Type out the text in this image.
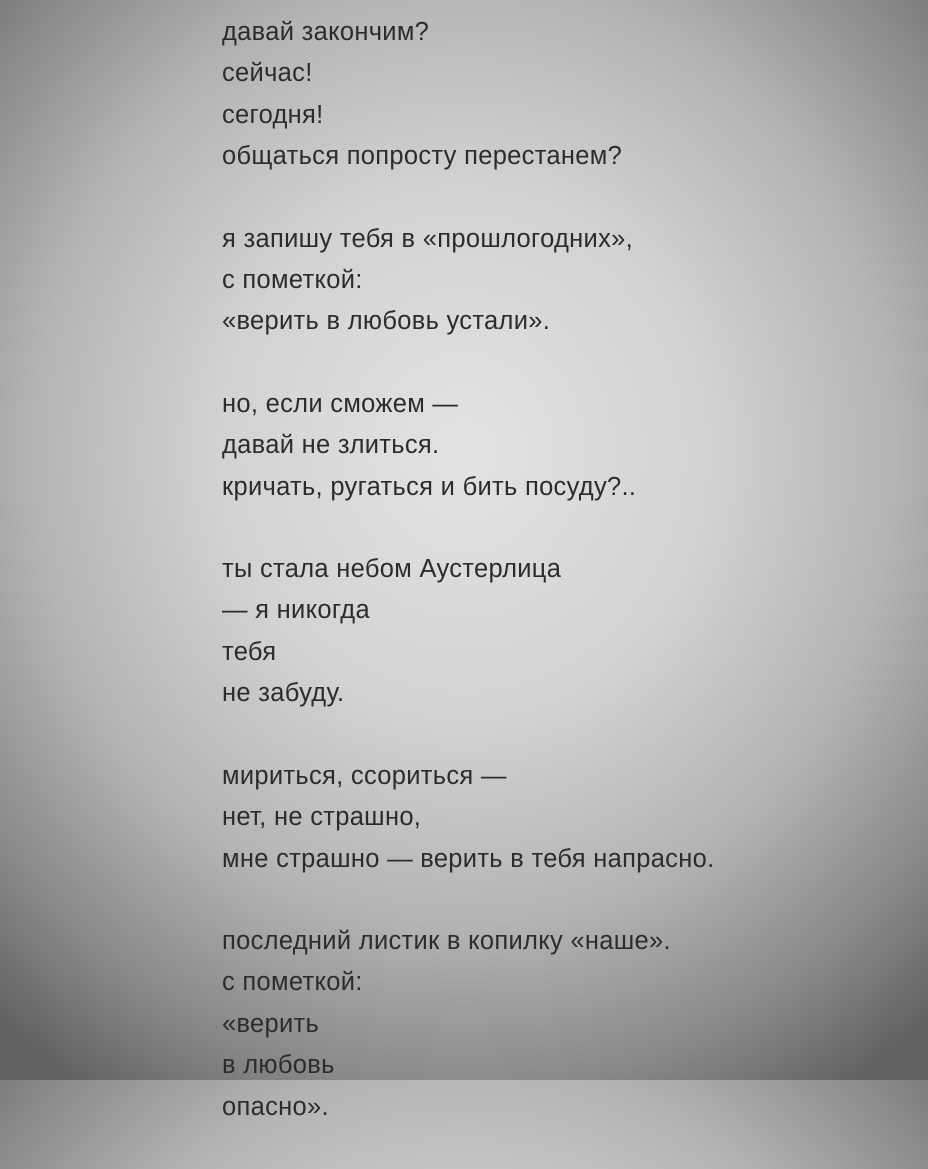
давай закончим?
сейчас!
сегодня!
общаться попросту перестанем?
я запишу тебя в «прошлогодних»,
с пометкой:
«верить в любовь устали».
но, если сможем —
давай не злиться.
кричать, ругаться и бить посуду?..
ты стала небом Аустерлица
— я никогда
тебя
не забуду.
мириться, ссориться —
нет, не страшно,
мне страшно — верить в тебя напрасно.
последний листик в копилку «наше».
с пометкой:
«верить
в любовь
опасно».
